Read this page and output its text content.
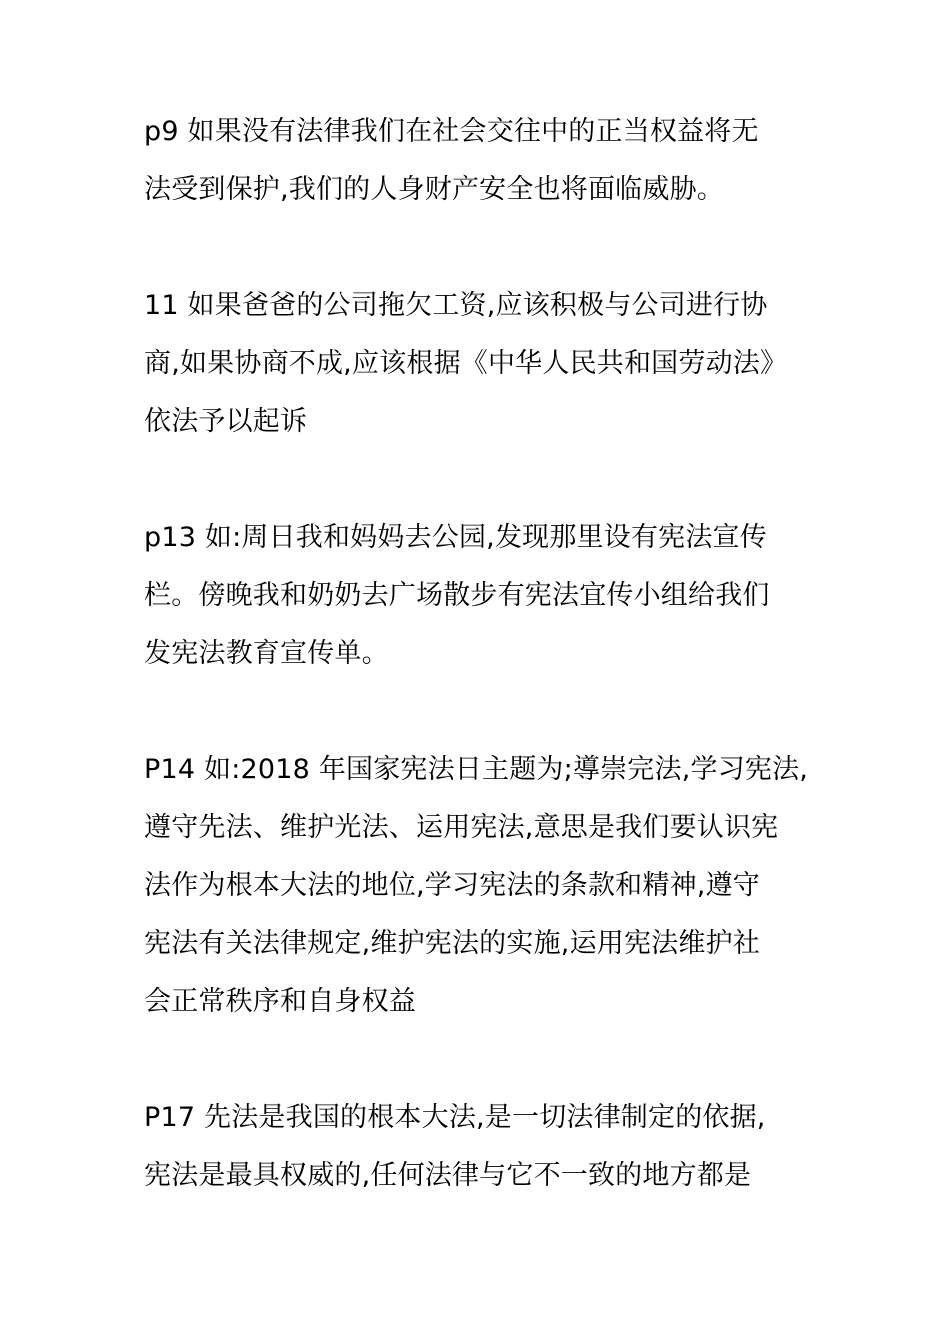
p9 如果没有法律我们在社会交往中的正当权益将无
法受到保护,我们的人身财产安全也将面临威胁。
11 如果爸爸的公司拖欠工资,应该积极与公司进行协
商,如果协商不成,应该根据《中华人民共和国劳动法》
依法予以起诉
p13 如:周日我和妈妈去公园,发现那里设有宪法宣传
栏。傍晚我和奶奶去广场散步有宪法宜传小组给我们
发宪法教育宣传单。
P14 如:2018 年国家宪法日主题为;導崇完法,学习宪法,
遵守先法、维护光法、运用宪法,意思是我们要认识宪
法作为根本大法的地位,学习宪法的条款和精神,遵守
宪法有关法律规定,维护宪法的实施,运用宪法维护社
会正常秩序和自身权益
P17 先法是我国的根本大法,是一切法律制定的依据,
宪法是最具权威的,任何法律与它不一致的地方都是
